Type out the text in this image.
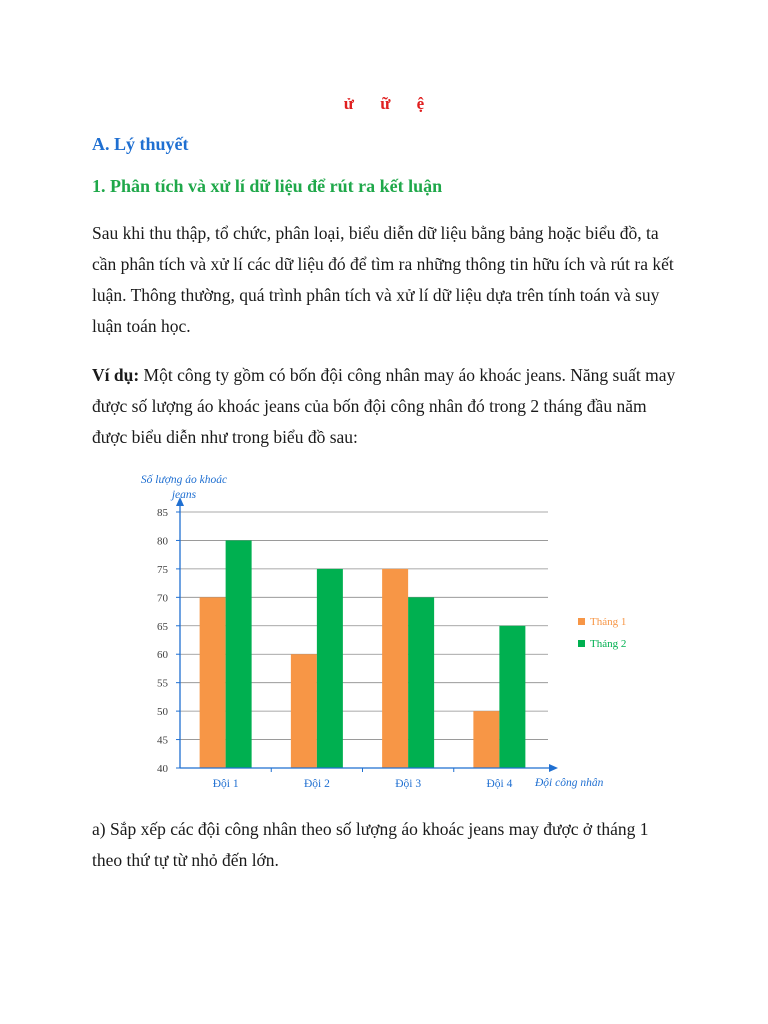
ử ữ ệ
A. Lý thuyết
1. Phân tích và xử lí dữ liệu để rút ra kết luận
Sau khi thu thập, tổ chức, phân loại, biểu diễn dữ liệu bằng bảng hoặc biểu đồ, ta cần phân tích và xử lí các dữ liệu đó để tìm ra những thông tin hữu ích và rút ra kết luận. Thông thường, quá trình phân tích và xử lí dữ liệu dựa trên tính toán và suy luận toán học.
Ví dụ: Một công ty gồm có bốn đội công nhân may áo khoác jeans. Năng suất may được số lượng áo khoác jeans của bốn đội công nhân đó trong 2 tháng đầu năm được biểu diễn như trong biểu đồ sau:
40
45
50
55
60
65
70
75
80
85
Đội 1	Đội 2	Đội 3	Đội 4
Số lượng áo khoác
jeans
Đội công nhân
Tháng 1
Tháng 2
a) Sắp xếp các đội công nhân theo số lượng áo khoác jeans may được ở tháng 1 theo thứ tự từ nhỏ đến lớn.
